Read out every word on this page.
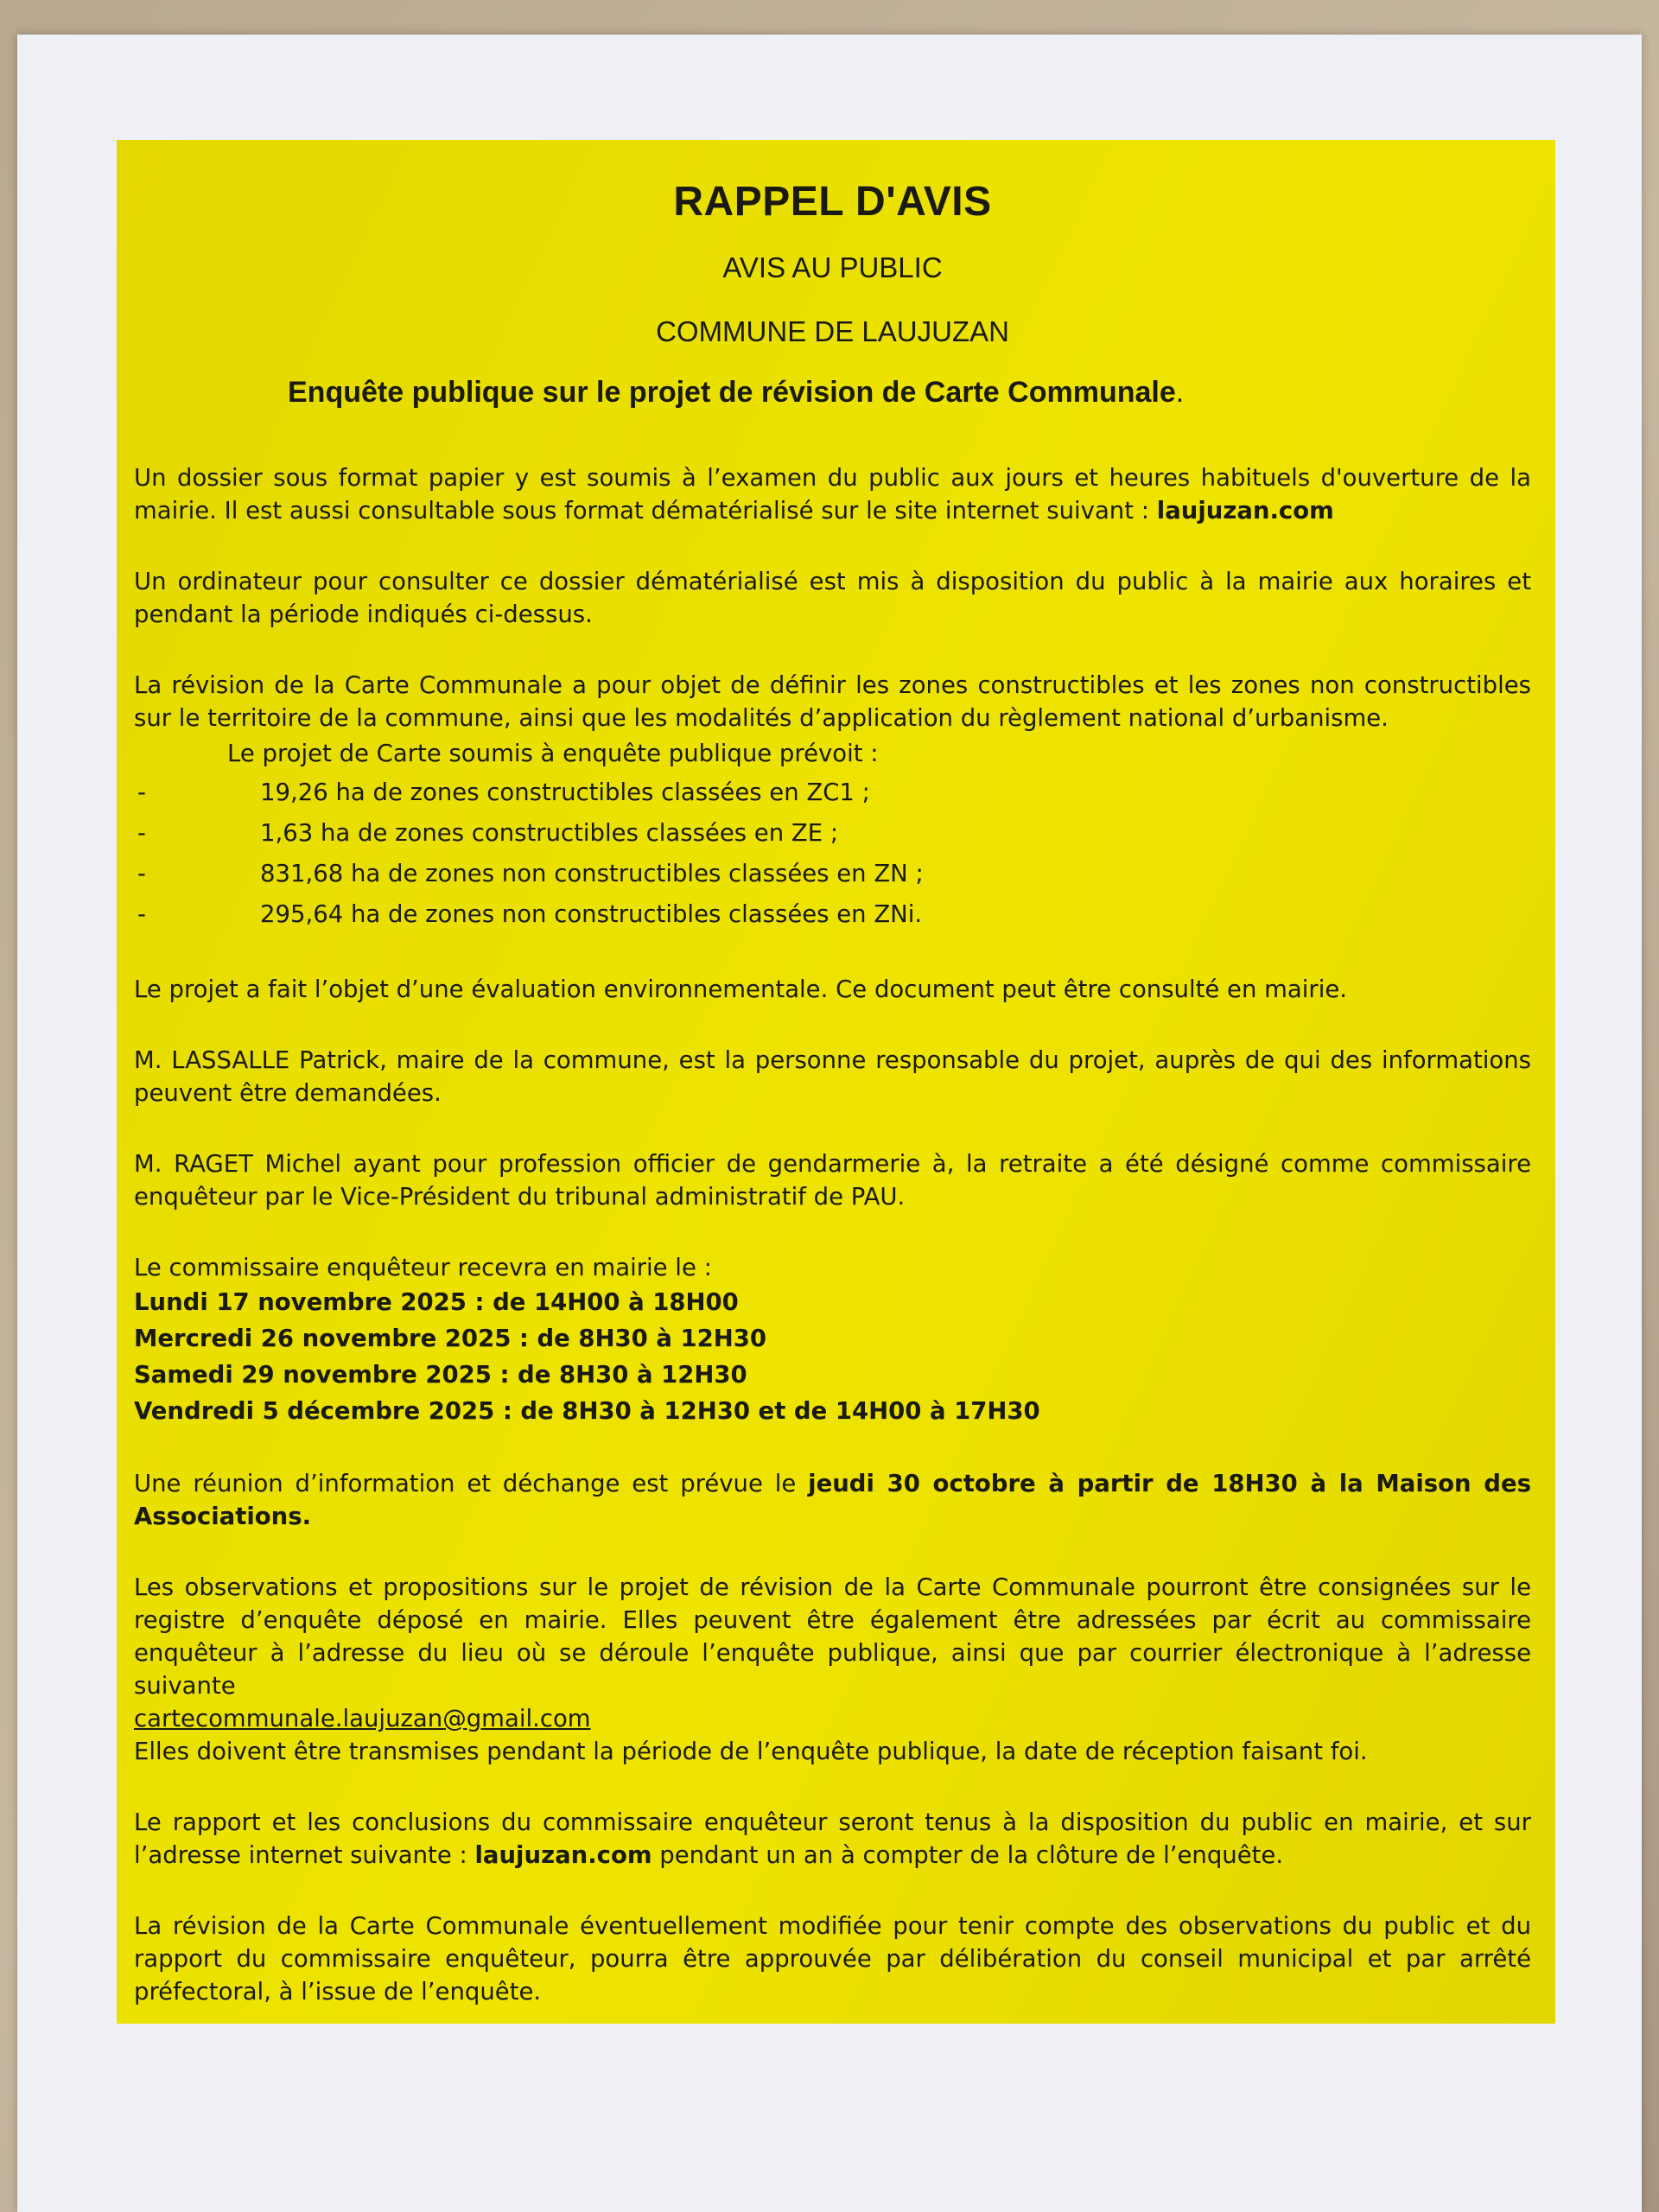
RAPPEL D'AVIS
AVIS AU PUBLIC
COMMUNE DE LAUJUZAN
Enquête publique sur le projet de révision de Carte Communale.

Un dossier sous format papier y est soumis à l’examen du public aux jours et heures habituels d'ouverture de la mairie. Il est aussi consultable sous format dématérialisé sur le site internet suivant : laujuzan.com

Un ordinateur pour consulter ce dossier dématérialisé est mis à disposition du public à la mairie aux horaires et pendant la période indiqués ci-dessus.

La révision de la Carte Communale a pour objet de définir les zones constructibles et les zones non constructibles sur le territoire de la commune, ainsi que les modalités d’application du règlement national d’urbanisme.

Le projet de Carte soumis à enquête publique prévoit :
-	19,26 ha de zones constructibles classées en ZC1 ;
-	1,63 ha de zones constructibles classées en ZE ;
-	831,68 ha de zones non constructibles classées en ZN ;
-	295,64 ha de zones non constructibles classées en ZNi.

Le projet a fait l’objet d’une évaluation environnementale. Ce document peut être consulté en mairie.

M. LASSALLE Patrick, maire de la commune, est la personne responsable du projet, auprès de qui des informations peuvent être demandées.

M. RAGET Michel ayant pour profession officier de gendarmerie à, la retraite a été désigné comme commissaire enquêteur par le Vice-Président du tribunal administratif de PAU.

Le commissaire enquêteur recevra en mairie le :
Lundi 17 novembre 2025 : de 14H00 à 18H00
Mercredi 26 novembre 2025 : de 8H30 à 12H30
Samedi 29 novembre 2025 : de 8H30 à 12H30
Vendredi 5 décembre 2025 : de 8H30 à 12H30 et de 14H00 à 17H30

Une réunion d’information et déchange est prévue le jeudi 30 octobre à partir de 18H30 à la Maison des Associations.

Les observations et propositions sur le projet de révision de la Carte Communale pourront être consignées sur le registre d’enquête déposé en mairie. Elles peuvent être également être adressées par écrit au commissaire enquêteur à l’adresse du lieu où se déroule l’enquête publique, ainsi que par courrier électronique à l’adresse suivante

cartecommunale.laujuzan@gmail.com

Elles doivent être transmises pendant la période de l’enquête publique, la date de réception faisant foi.

Le rapport et les conclusions du commissaire enquêteur seront tenus à la disposition du public en mairie, et sur l’adresse internet suivante : laujuzan.com pendant un an à compter de la clôture de l’enquête.

La révision de la Carte Communale éventuellement modifiée pour tenir compte des observations du public et du rapport du commissaire enquêteur, pourra être approuvée par délibération du conseil municipal et par arrêté préfectoral, à l’issue de l’enquête.
